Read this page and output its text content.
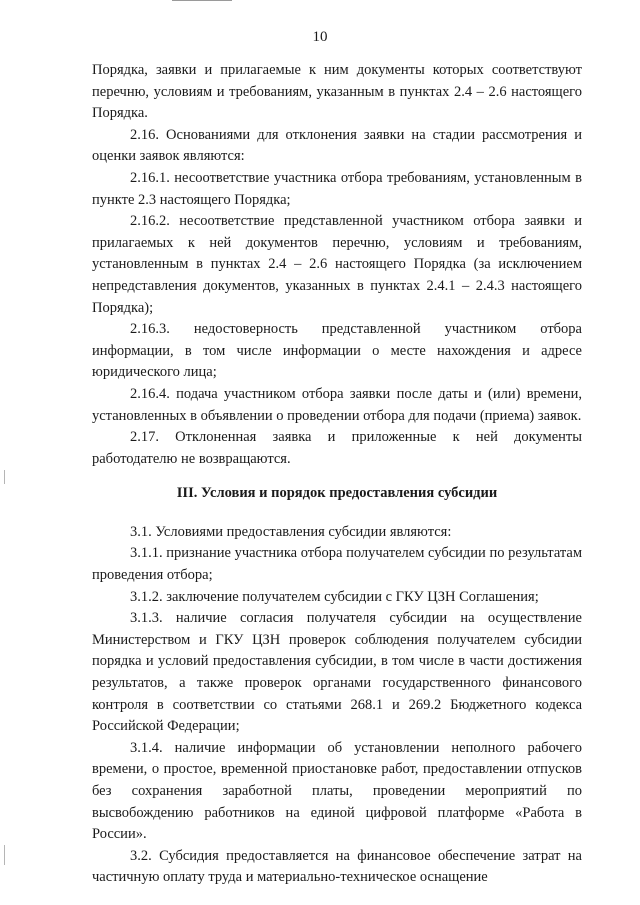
10

Порядка, заявки и прилагаемые к ним документы которых соответствуют перечню, условиям и требованиям, указанным в пунктах 2.4 – 2.6 настоящего Порядка.

2.16. Основаниями для отклонения заявки на стадии рассмотрения и оценки заявок являются:

2.16.1. несоответствие участника отбора требованиям, установленным в пункте 2.3 настоящего Порядка;

2.16.2. несоответствие представленной участником отбора заявки и прилагаемых к ней документов перечню, условиям и требованиям, установленным в пунктах 2.4 – 2.6 настоящего Порядка (за исключением непредставления документов, указанных в пунктах 2.4.1 – 2.4.3 настоящего Порядка);

2.16.3. недостоверность представленной участником отбора информации, в том числе информации о месте нахождения и адресе юридического лица;

2.16.4. подача участником отбора заявки после даты и (или) времени, установленных в объявлении о проведении отбора для подачи (приема) заявок.

2.17. Отклоненная заявка и приложенные к ней документы работодателю не возвращаются.

III. Условия и порядок предоставления субсидии

3.1. Условиями предоставления субсидии являются:

3.1.1. признание участника отбора получателем субсидии по результатам проведения отбора;

3.1.2. заключение получателем субсидии с ГКУ ЦЗН Соглашения;

3.1.3. наличие согласия получателя субсидии на осуществление Министерством и ГКУ ЦЗН проверок соблюдения получателем субсидии порядка и условий предоставления субсидии, в том числе в части достижения результатов, а также проверок органами государственного финансового контроля в соответствии со статьями 268.1 и 269.2 Бюджетного кодекса Российской Федерации;

3.1.4. наличие информации об установлении неполного рабочего времени, о простое, временной приостановке работ, предоставлении отпусков без сохранения заработной платы, проведении мероприятий по высвобождению работников на единой цифровой платформе «Работа в России».

3.2. Субсидия предоставляется на финансовое обеспечение затрат на частичную оплату труда и материально-техническое оснащение
